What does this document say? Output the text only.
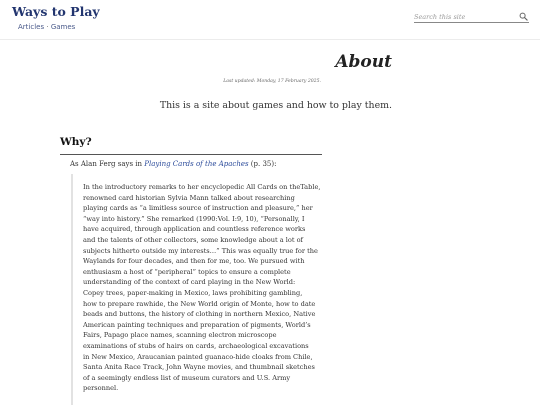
Ways to Play
Articles · Games
Search this site
About
Last updated: Monday, 17 February 2025.

This is a site about games and how to play them.

Why?

As Alan Ferg says in Playing Cards of the Apaches (p. 35):

In the introductory remarks to her encyclopedic All Cards on theTable,
renowned card historian Sylvia Mann talked about researching
playing cards as “a limitless source of instruction and pleasure,” her
“way into history.” She remarked (1990:Vol. I:9, 10), “Personally, I
have acquired, through application and countless reference works
and the talents of other collectors, some knowledge about a lot of
subjects hitherto outside my interests…” This was equally true for the
Waylands for four decades, and then for me, too. We pursued with
enthusiasm a host of “peripheral” topics to ensure a complete
understanding of the context of card playing in the New World:
Copey trees, paper-making in Mexico, laws prohibiting gambling,
how to prepare rawhide, the New World origin of Monte, how to date
beads and buttons, the history of clothing in northern Mexico, Native
American painting techniques and preparation of pigments, World’s
Fairs, Papago place names, scanning electron microscope
examinations of stubs of hairs on cards, archaeological excavations
in New Mexico, Araucanian painted guanaco-hide cloaks from Chile,
Santa Anita Race Track, John Wayne movies, and thumbnail sketches
of a seemingly endless list of museum curators and U.S. Army
personnel.
